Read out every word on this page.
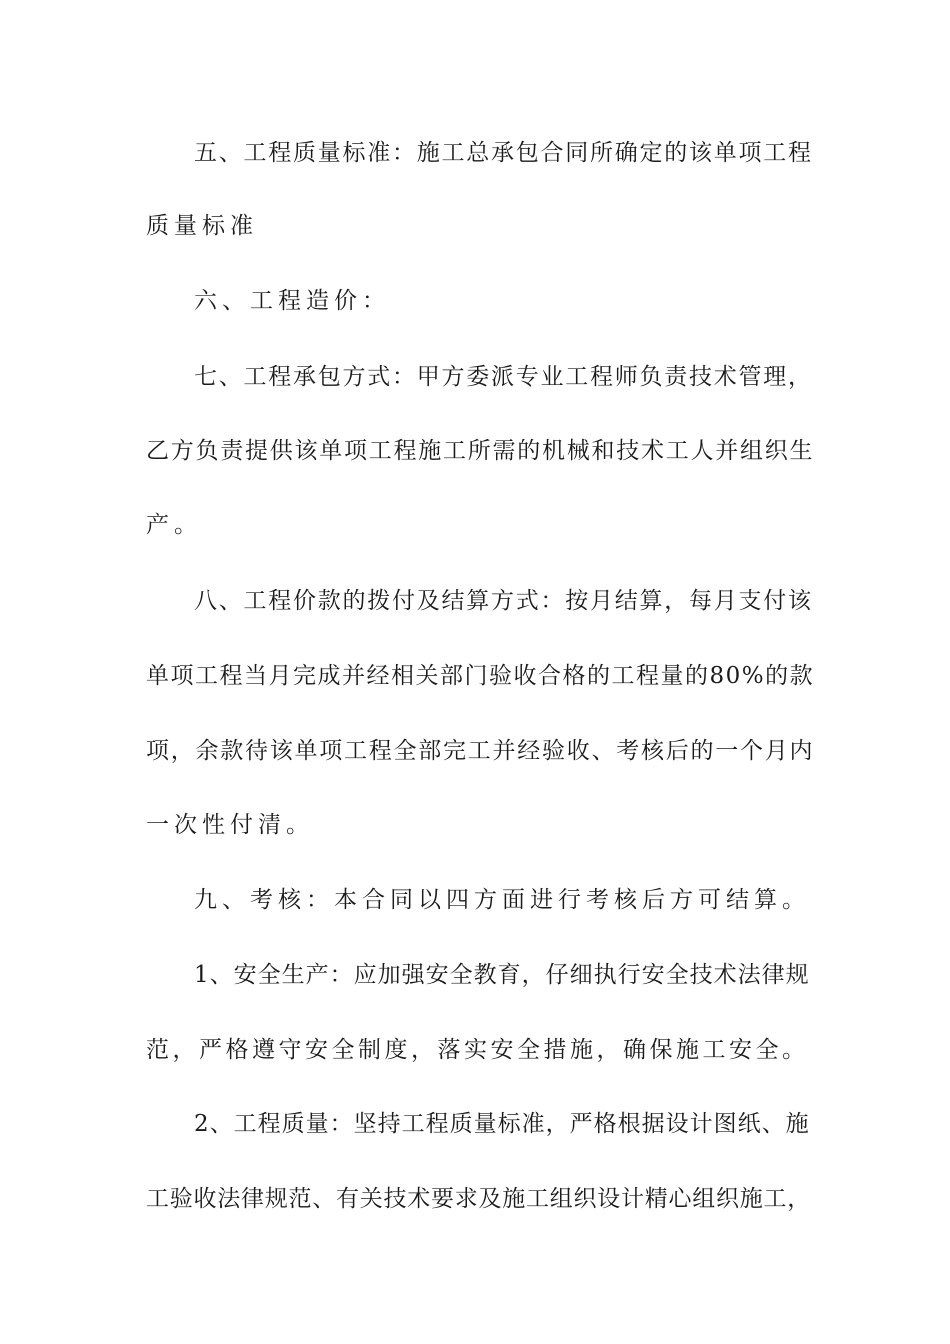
五、工程质量标准：施工总承包合同所确定的该单项工程
质量标准
六、工程造价：
七、工程承包方式：甲方委派专业工程师负责技术管理，
乙方负责提供该单项工程施工所需的机械和技术工人并组织生
产。
八、工程价款的拨付及结算方式：按月结算，每月支付该
单项工程当月完成并经相关部门验收合格的工程量的80%的款
项，余款待该单项工程全部完工并经验收、考核后的一个月内
一次性付清。
九、考核：本合同以四方面进行考核后方可结算。
1、安全生产：应加强安全教育，仔细执行安全技术法律规
范，严格遵守安全制度，落实安全措施，确保施工安全。
2、工程质量：坚持工程质量标准，严格根据设计图纸、施
工验收法律规范、有关技术要求及施工组织设计精心组织施工，
